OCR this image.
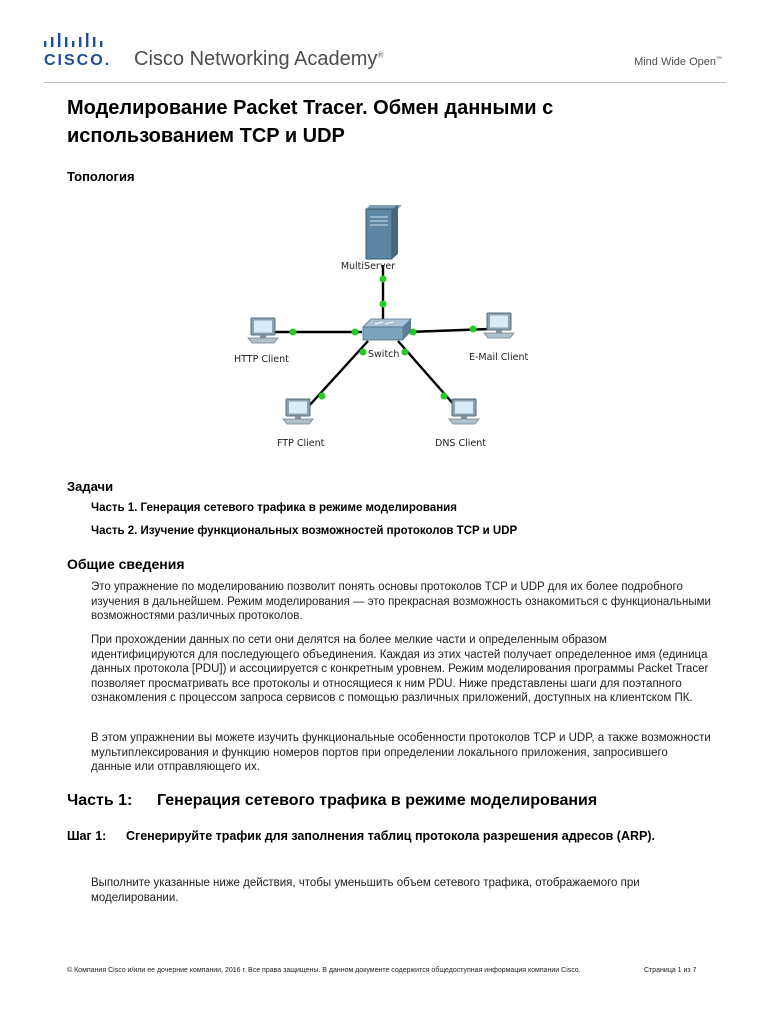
CISCO. Cisco Networking Academy®
Mind Wide Open™
Моделирование Packet Tracer. Обмен данными с использованием TCP и UDP
Топология
MultiServer
Switch
HTTP Client	E-Mail Client
FTP Client	DNS Client
Задачи
Часть 1. Генерация сетевого трафика в режиме моделирования
Часть 2. Изучение функциональных возможностей протоколов TCP и UDP
Общие сведения

Это упражнение по моделированию позволит понять основы протоколов TCP и UDP для их более подробного изучения в дальнейшем. Режим моделирования — это прекрасная возможность ознакомиться с функциональными возможностями различных протоколов.

При прохождении данных по сети они делятся на более мелкие части и определенным образом идентифицируются для последующего объединения. Каждая из этих частей получает определенное имя (единица данных протокола [PDU]) и ассоциируется с конкретным уровнем. Режим моделирования программы Packet Tracer позволяет просматривать все протоколы и относящиеся к ним PDU. Ниже представлены шаги для поэтапного ознакомления с процессом запроса сервисов с помощью различных приложений, доступных на клиентском ПК.

В этом упражнении вы можете изучить функциональные особенности протоколов TCP и UDP, а также возможности мультиплексирования и функцию номеров портов при определении локального приложения, запросившего данные или отправляющего их.

Часть 1: Генерация сетевого трафика в режиме моделирования
Шаг 1:	Сгенерируйте трафик для заполнения таблиц протокола разрешения адресов (ARP).

Выполните указанные ниже действия, чтобы уменьшить объем сетевого трафика, отображаемого при моделировании.

© Компания Cisco и/или ее дочерние компании, 2016 г. Все права защищены. В данном документе содержится общедоступная информация компании Cisco.	Страница 1 из 7
